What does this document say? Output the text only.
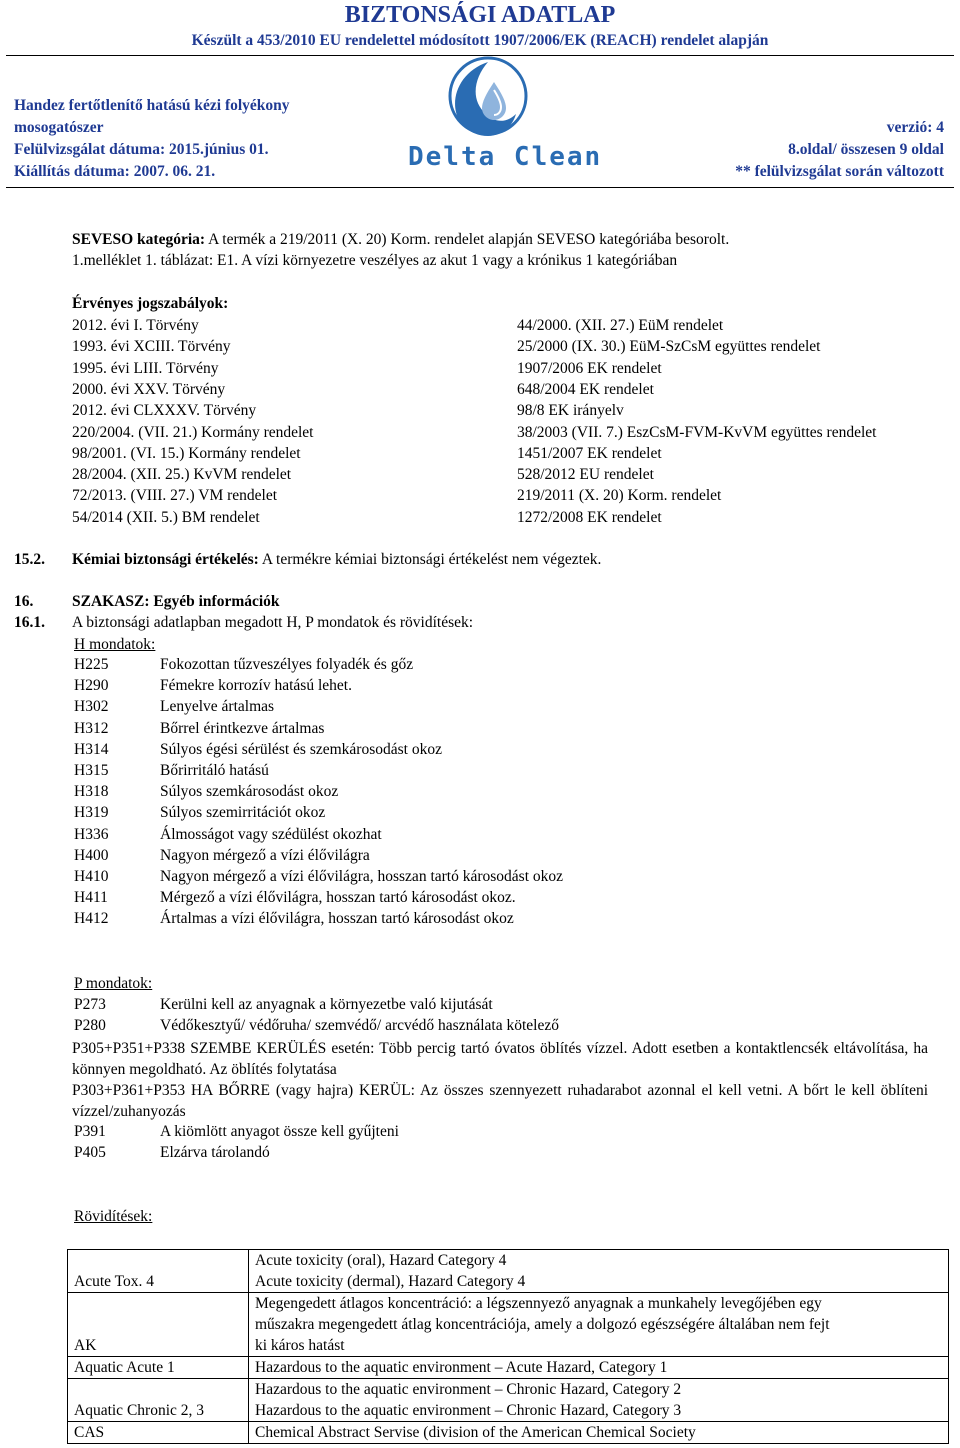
BIZTONSÁGI ADATLAP
Készült a 453/2010 EU rendelettel módosított 1907/2006/EK (REACH) rendelet alapján
Handez fertőtlenítő hatású kézi folyékony
mosogatószer
Felülvizsgálat dátuma: 2015.június 01.
Kiállítás dátuma: 2007. 06. 21.
verzió: 4
8.oldal/ összesen 9 oldal
** felülvizsgálat során változott
Delta Clean
SEVESO kategória: A termék a 219/2011 (X. 20) Korm. rendelet alapján SEVESO kategóriába besorolt.
1.melléklet 1. táblázat: E1. A vízi környezetre veszélyes az akut 1 vagy a krónikus 1 kategóriában
Érvényes jogszabályok:
2012. évi I. Törvény	44/2000. (XII. 27.) EüM rendelet
1993. évi XCIII. Törvény	25/2000 (IX. 30.) EüM-SzCsM együttes rendelet
1995. évi LIII. Törvény	1907/2006 EK rendelet
2000. évi XXV. Törvény	648/2004 EK rendelet
2012. évi CLXXXV. Törvény	98/8 EK irányelv
220/2004. (VII. 21.) Kormány rendelet	38/2003 (VII. 7.) EszCsM-FVM-KvVM együttes rendelet
98/2001. (VI. 15.) Kormány rendelet	1451/2007 EK rendelet
28/2004. (XII. 25.) KvVM rendelet	528/2012 EU rendelet
72/2013. (VIII. 27.) VM rendelet	219/2011 (X. 20) Korm. rendelet
54/2014 (XII. 5.) BM rendelet	1272/2008 EK rendelet
15.2. Kémiai biztonsági értékelés: A termékre kémiai biztonsági értékelést nem végeztek.
16. SZAKASZ: Egyéb információk
16.1. A biztonsági adatlapban megadott H, P mondatok és rövidítések:
H mondatok:
H225	Fokozottan tűzveszélyes folyadék és gőz
H290	Fémekre korrozív hatású lehet.
H302	Lenyelve ártalmas
H312	Bőrrel érintkezve ártalmas
H314	Súlyos égési sérülést és szemkárosodást okoz
H315	Bőrirritáló hatású
H318	Súlyos szemkárosodást okoz
H319	Súlyos szemirritációt okoz
H336	Álmosságot vagy szédülést okozhat
H400	Nagyon mérgező a vízi élővilágra
H410	Nagyon mérgező a vízi élővilágra, hosszan tartó károsodást okoz
H411	Mérgező a vízi élővilágra, hosszan tartó károsodást okoz.
H412	Ártalmas a vízi élővilágra, hosszan tartó károsodást okoz
P mondatok:
P273	Kerülni kell az anyagnak a környezetbe való kijutását
P280	Védőkesztyű/ védőruha/ szemvédő/ arcvédő használata kötelező
P305+P351+P338 SZEMBE KERÜLÉS esetén: Több percig tartó óvatos öblítés vízzel. Adott esetben a kontaktlencsék eltávolítása, ha könnyen megoldható. Az öblítés folytatása
P303+P361+P353 HA BŐRRE (vagy hajra) KERÜL: Az összes szennyezett ruhadarabot azonnal el kell vetni. A bőrt le kell öblíteni vízzel/zuhanyozás
P391	A kiömlött anyagot össze kell gyűjteni
P405	Elzárva tárolandó
Rövidítések:
Acute Tox. 4	Acute toxicity (oral), Hazard Category 4
Acute toxicity (dermal), Hazard Category 4

AK	Megengedett átlagos koncentráció: a légszennyező anyagnak a munkahely levegőjében egy
műszakra megengedett átlag koncentrációja, amely a dolgozó egészségére általában nem fejt
ki káros hatást

Aquatic Acute 1	Hazardous to the aquatic environment – Acute Hazard, Category 1

Aquatic Chronic 2, 3	Hazardous to the aquatic environment – Chronic Hazard, Category 2
Hazardous to the aquatic environment – Chronic Hazard, Category 3

CAS	Chemical Abstract Servise (division of the American Chemical Society
